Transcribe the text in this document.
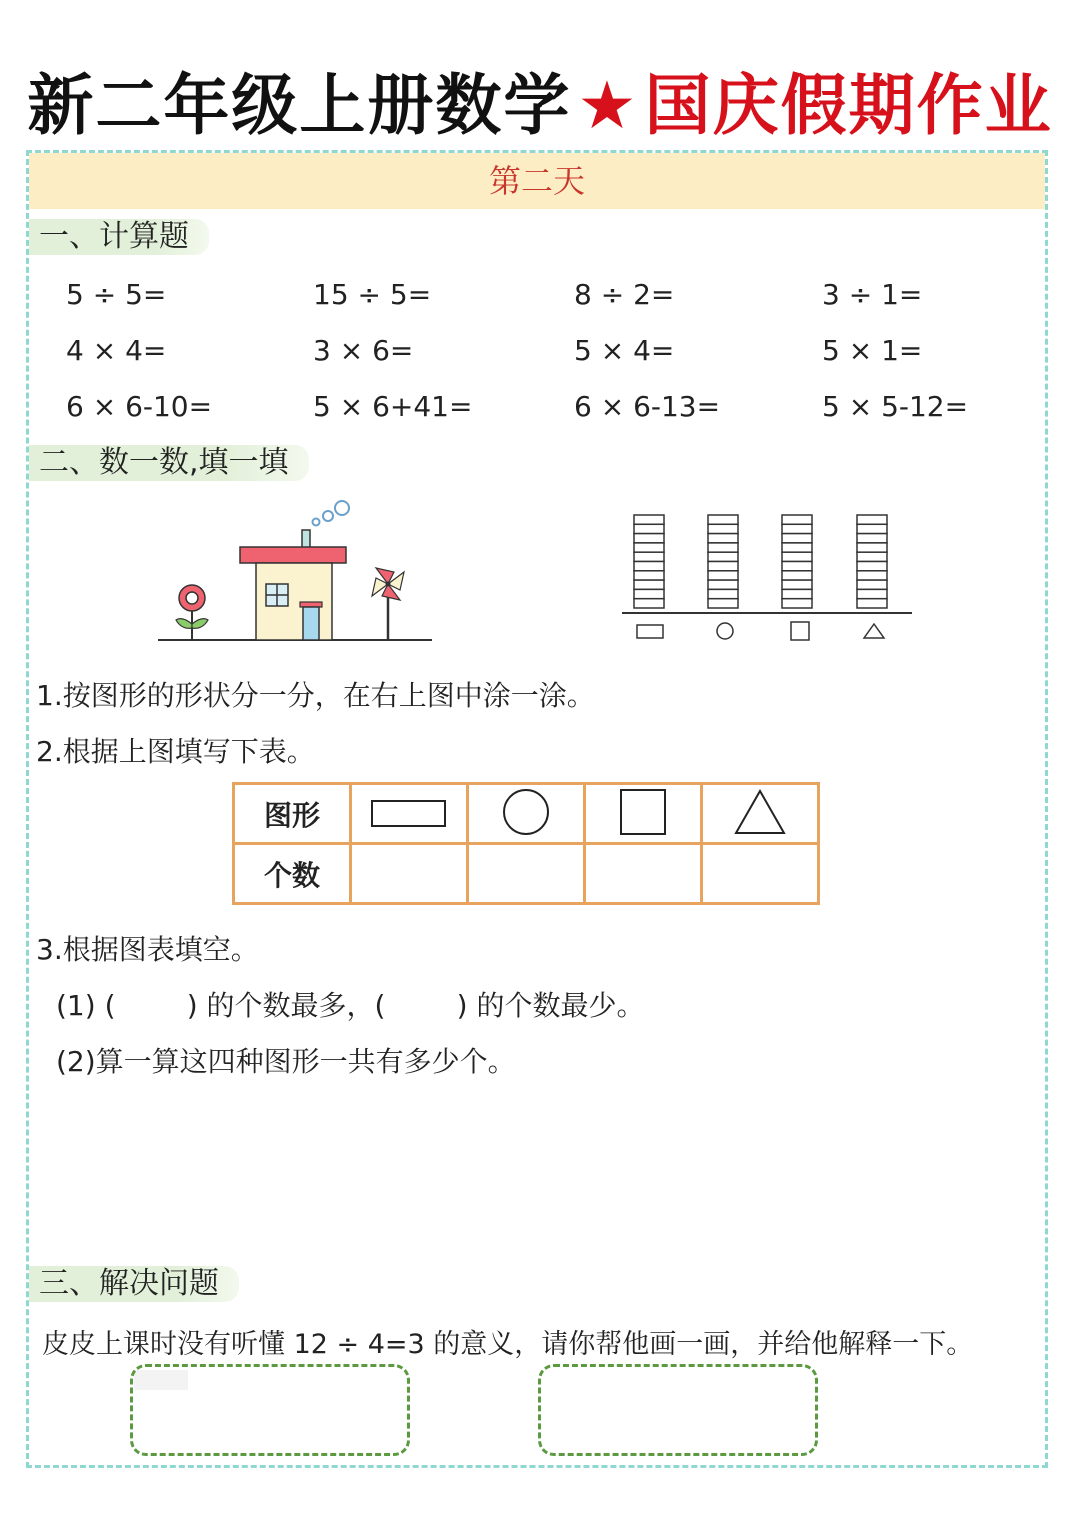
新二年级上册数学★国庆假期作业
第二天
一、计算题
5 ÷ 5=	15 ÷ 5=	8 ÷ 2=	3 ÷ 1=
4 × 4=	3 × 6=	5 × 4=	5 × 1=
6 × 6-10=	5 × 6+41=	6 × 6-13=	5 × 5-12=
二、数一数,填一填
1.按图形的形状分一分，在右上图中涂一涂。
2.根据上图填写下表。
图形				
个数				
3.根据图表填空。
(1) (        ) 的个数最多，(        ) 的个数最少。
(2)算一算这四种图形一共有多少个。
三、解决问题
皮皮上课时没有听懂 12 ÷ 4=3 的意义，请你帮他画一画，并给他解释一下。
